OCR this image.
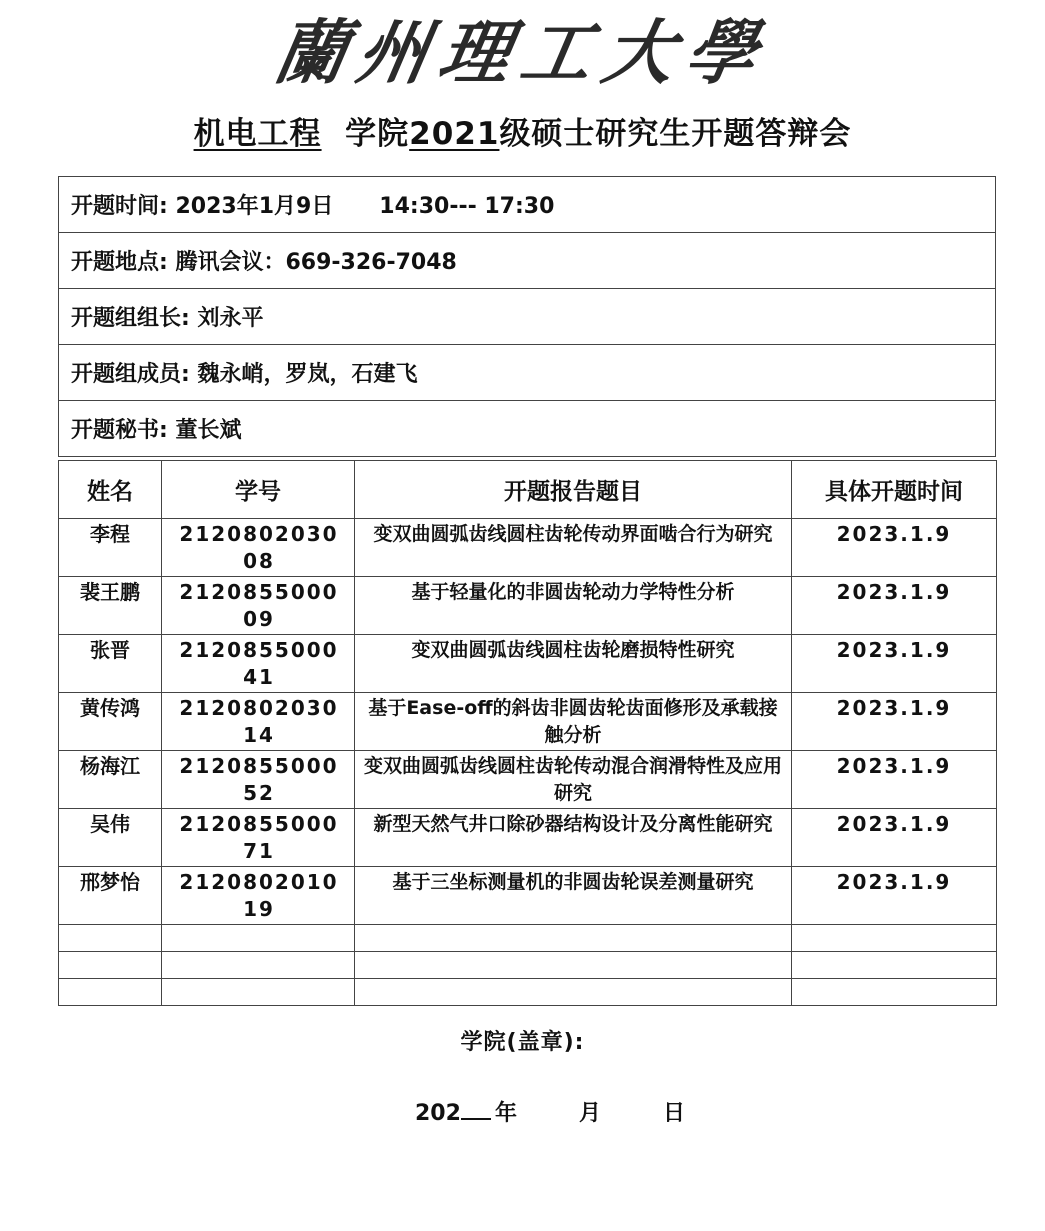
蘭州理工大學
机电工程 学院2021级硕士研究生开题答辩会
开题时间: 2023年1月9日      14:30--- 17:30
开题地点: 腾讯会议：669-326-7048
开题组组长: 刘永平
开题组成员: 魏永峭，罗岚，石建飞
开题秘书: 董长斌
姓名	学号	开题报告题目	具体开题时间
李程	212080203008	变双曲圆弧齿线圆柱齿轮传动界面啮合行为研究	2023.1.9
裴王鹏	212085500009	基于轻量化的非圆齿轮动力学特性分析	2023.1.9
张晋	212085500041	变双曲圆弧齿线圆柱齿轮磨损特性研究	2023.1.9
黄传鸿	212080203014	基于Ease-off的斜齿非圆齿轮齿面修形及承载接触分析	2023.1.9
杨海江	212085500052	变双曲圆弧齿线圆柱齿轮传动混合润滑特性及应用研究	2023.1.9
吴伟	212085500071	新型天然气井口除砂器结构设计及分离性能研究	2023.1.9
邢梦怡	212080201019	基于三坐标测量机的非圆齿轮误差测量研究	2023.1.9

学院(盖章):
202 年	月	日
